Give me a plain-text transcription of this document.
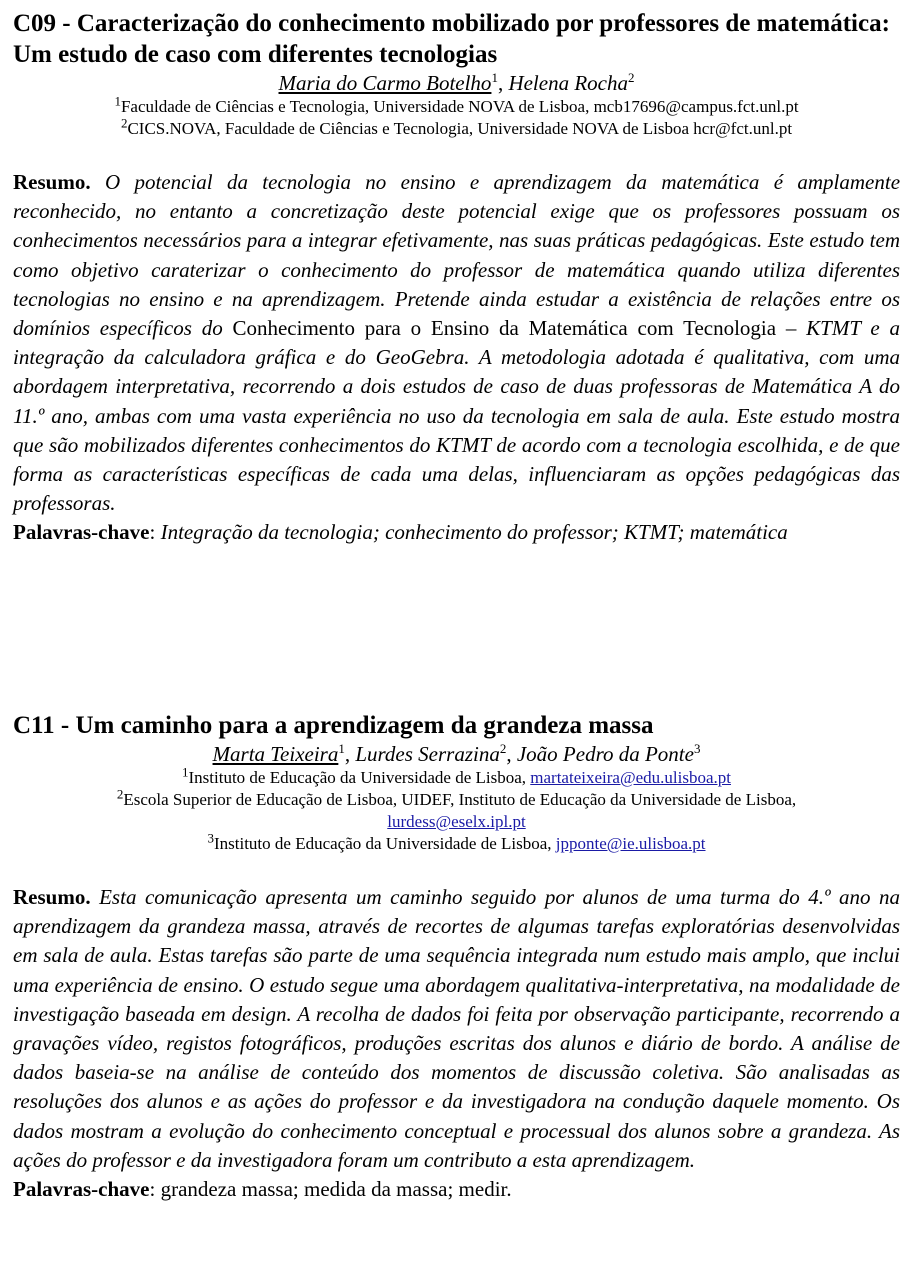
C09 - Caracterização do conhecimento mobilizado por professores de matemática: Um estudo de caso com diferentes tecnologias
Maria do Carmo Botelho$^1$, Helena Rocha$^2$
$^1$Faculdade de Ciências e Tecnologia, Universidade NOVA de Lisboa, mcb17696@campus.fct.unl.pt
$^2$CICS.NOVA, Faculdade de Ciências e Tecnologia, Universidade NOVA de Lisboa hcr@fct.unl.pt

Resumo. O potencial da tecnologia no ensino e aprendizagem da matemática é amplamente reconhecido, no entanto a concretização deste potencial exige que os professores possuam os conhecimentos necessários para a integrar efetivamente, nas suas práticas pedagógicas. Este estudo tem como objetivo caraterizar o conhecimento do professor de matemática quando utiliza diferentes tecnologias no ensino e na aprendizagem. Pretende ainda estudar a existência de relações entre os domínios específicos do Conhecimento para o Ensino da Matemática com Tecnologia – KTMT e a integração da calculadora gráfica e do GeoGebra. A metodologia adotada é qualitativa, com uma abordagem interpretativa, recorrendo a dois estudos de caso de duas professoras de Matemática A do 11.º ano, ambas com uma vasta experiência no uso da tecnologia em sala de aula. Este estudo mostra que são mobilizados diferentes conhecimentos do KTMT de acordo com a tecnologia escolhida, e de que forma as características específicas de cada uma delas, influenciaram as opções pedagógicas das professoras.

Palavras-chave: Integração da tecnologia; conhecimento do professor; KTMT; matemática

C11 - Um caminho para a aprendizagem da grandeza massa
Marta Teixeira$^1$, Lurdes Serrazina$^2$, João Pedro da Ponte$^3$
$^1$Instituto de Educação da Universidade de Lisboa, martateixeira@edu.ulisboa.pt
$^2$Escola Superior de Educação de Lisboa, UIDEF, Instituto de Educação da Universidade de Lisboa,
lurdess@eselx.ipl.pt
$^3$Instituto de Educação da Universidade de Lisboa, jpponte@ie.ulisboa.pt

Resumo. Esta comunicação apresenta um caminho seguido por alunos de uma turma do 4.º ano na aprendizagem da grandeza massa, através de recortes de algumas tarefas exploratórias desenvolvidas em sala de aula. Estas tarefas são parte de uma sequência integrada num estudo mais amplo, que inclui uma experiência de ensino. O estudo segue uma abordagem qualitativa-interpretativa, na modalidade de investigação baseada em design. A recolha de dados foi feita por observação participante, recorrendo a gravações vídeo, registos fotográficos, produções escritas dos alunos e diário de bordo. A análise de dados baseia-se na análise de conteúdo dos momentos de discussão coletiva. São analisadas as resoluções dos alunos e as ações do professor e da investigadora na condução daquele momento. Os dados mostram a evolução do conhecimento conceptual e processual dos alunos sobre a grandeza. As ações do professor e da investigadora foram um contributo a esta aprendizagem.

Palavras-chave: grandeza massa; medida da massa; medir.
